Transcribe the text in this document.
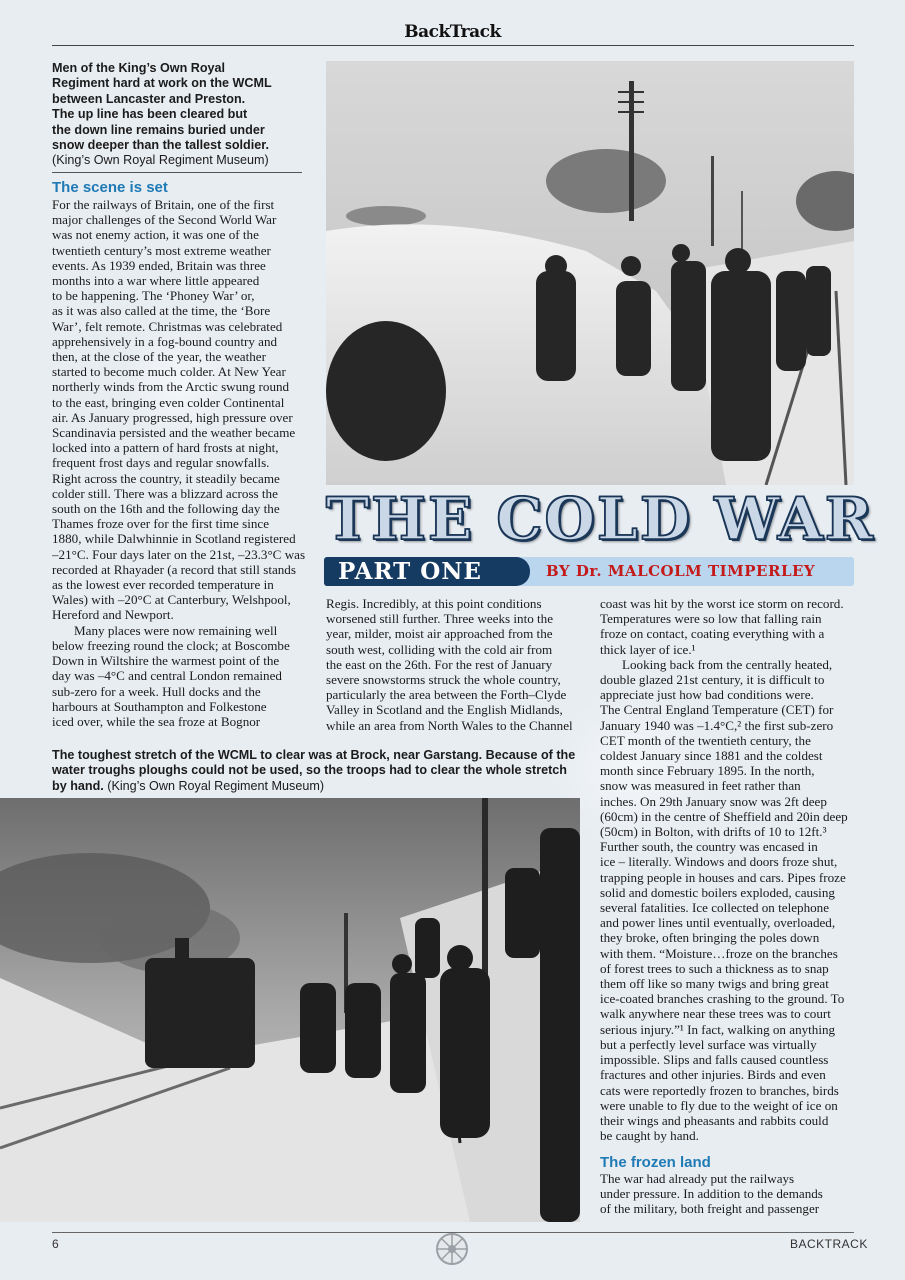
BackTrack
Men of the King’s Own Royal
Regiment hard at work on the WCML
between Lancaster and Preston.
The up line has been cleared but
the down line remains buried under
snow deeper than the tallest soldier.
(King’s Own Royal Regiment Museum)
The scene is set
For the railways of Britain, one of the first
major challenges of the Second World War
was not enemy action, it was one of the
twentieth century’s most extreme weather
events. As 1939 ended, Britain was three
months into a war where little appeared
to be happening. The ‘Phoney War’ or,
as it was also called at the time, the ‘Bore
War’, felt remote. Christmas was celebrated
apprehensively in a fog-bound country and
then, at the close of the year, the weather
started to become much colder. At New Year
northerly winds from the Arctic swung round
to the east, bringing even colder Continental
air. As January progressed, high pressure over
Scandinavia persisted and the weather became
locked into a pattern of hard frosts at night,
frequent frost days and regular snowfalls.
Right across the country, it steadily became
colder still. There was a blizzard across the
south on the 16th and the following day the
Thames froze over for the first time since
1880, while Dalwhinnie in Scotland registered
–21°C. Four days later on the 21st, –23.3°C was
recorded at Rhayader (a record that still stands
as the lowest ever recorded temperature in
Wales) with –20°C at Canterbury, Welshpool,
Hereford and Newport.
Many places were now remaining well
below freezing round the clock; at Boscombe
Down in Wiltshire the warmest point of the
day was –4°C and central London remained
sub-zero for a week. Hull docks and the
harbours at Southampton and Folkestone
iced over, while the sea froze at Bognor
THE COLD WAR
PART ONE	BY Dr. MALCOLM TIMPERLEY
Regis. Incredibly, at this point conditions
worsened still further. Three weeks into the
year, milder, moist air approached from the
south west, colliding with the cold air from
the east on the 26th. For the rest of January
severe snowstorms struck the whole country,
particularly the area between the Forth–Clyde
Valley in Scotland and the English Midlands,
while an area from North Wales to the Channel
coast was hit by the worst ice storm on record.
Temperatures were so low that falling rain
froze on contact, coating everything with a
thick layer of ice.¹
Looking back from the centrally heated,
double glazed 21st century, it is difficult to
appreciate just how bad conditions were.
The Central England Temperature (CET) for
January 1940 was –1.4°C,² the first sub-zero
CET month of the twentieth century, the
coldest January since 1881 and the coldest
month since February 1895. In the north,
snow was measured in feet rather than
inches. On 29th January snow was 2ft deep
(60cm) in the centre of Sheffield and 20in deep
(50cm) in Bolton, with drifts of 10 to 12ft.³
Further south, the country was encased in
ice – literally. Windows and doors froze shut,
trapping people in houses and cars. Pipes froze
solid and domestic boilers exploded, causing
several fatalities. Ice collected on telephone
and power lines until eventually, overloaded,
they broke, often bringing the poles down
with them. “Moisture…froze on the branches
of forest trees to such a thickness as to snap
them off like so many twigs and bring great
ice-coated branches crashing to the ground. To
walk anywhere near these trees was to court
serious injury.”¹ In fact, walking on anything
but a perfectly level surface was virtually
impossible. Slips and falls caused countless
fractures and other injuries. Birds and even
cats were reportedly frozen to branches, birds
were unable to fly due to the weight of ice on
their wings and pheasants and rabbits could
be caught by hand.
The frozen land
The war had already put the railways
under pressure. In addition to the demands
of the military, both freight and passenger
The toughest stretch of the WCML to clear was at Brock, near Garstang. Because of the
water troughs ploughs could not be used, so the troops had to clear the whole stretch
by hand. (King’s Own Royal Regiment Museum)
6	BACKTRACK
